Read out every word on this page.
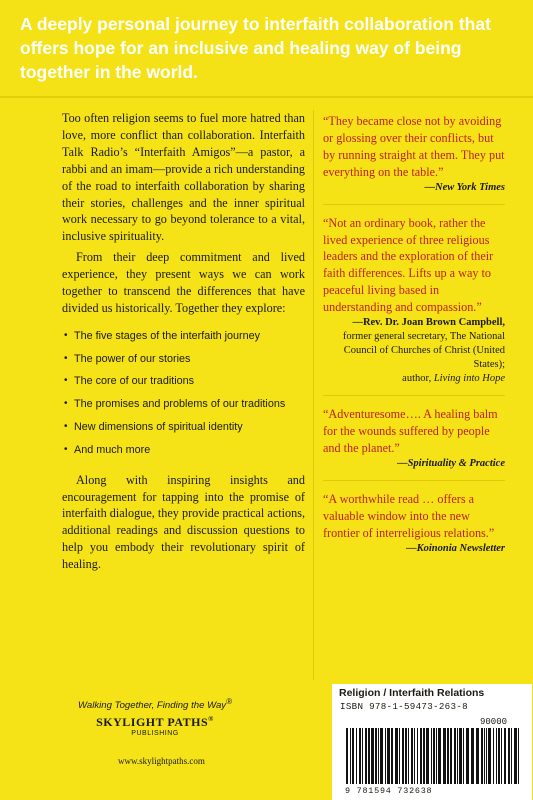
A deeply personal journey to interfaith collaboration that offers hope for an inclusive and healing way of being together in the world.

Too often religion seems to fuel more hatred than love, more conflict than collaboration. Interfaith Talk Radio’s “Interfaith Amigos”—a pastor, a rabbi and an imam—provide a rich understanding of the road to interfaith collaboration by sharing their stories, challenges and the inner spiritual work necessary to go beyond tolerance to a vital, inclusive spirituality.

From their deep commitment and lived experience, they present ways we can work together to transcend the differences that have divided us historically. Together they explore:

• The five stages of the interfaith journey
• The power of our stories
• The core of our traditions
• The promises and problems of our traditions
• New dimensions of spiritual identity
• And much more

Along with inspiring insights and encouragement for tapping into the promise of interfaith dialogue, they provide practical actions, additional readings and discussion questions to help you embody their revolutionary spirit of healing.

“They became close not by avoiding or glossing over their conflicts, but by running straight at them. They put everything on the table.”
—New York Times
“Not an ordinary book, rather the lived experience of three religious leaders and the exploration of their faith differences. Lifts up a way to peaceful living based in understanding and compassion.”
—Rev. Dr. Joan Brown Campbell,
former general secretary, The National Council of Churches of Christ (United States);
author, Living into Hope
“Adventuresome…. A healing balm for the wounds suffered by people and the planet.”
—Spirituality & Practice
“A worthwhile read … offers a valuable window into the new frontier of interreligious relations.”
—Koinonia Newsletter
Walking Together, Finding the Way®
SKYLIGHT PATHS®
PUBLISHING
www.skylightpaths.com
Religion / Interfaith Relations
ISBN 978-1-59473-263-8
90000
9 781594 732638
